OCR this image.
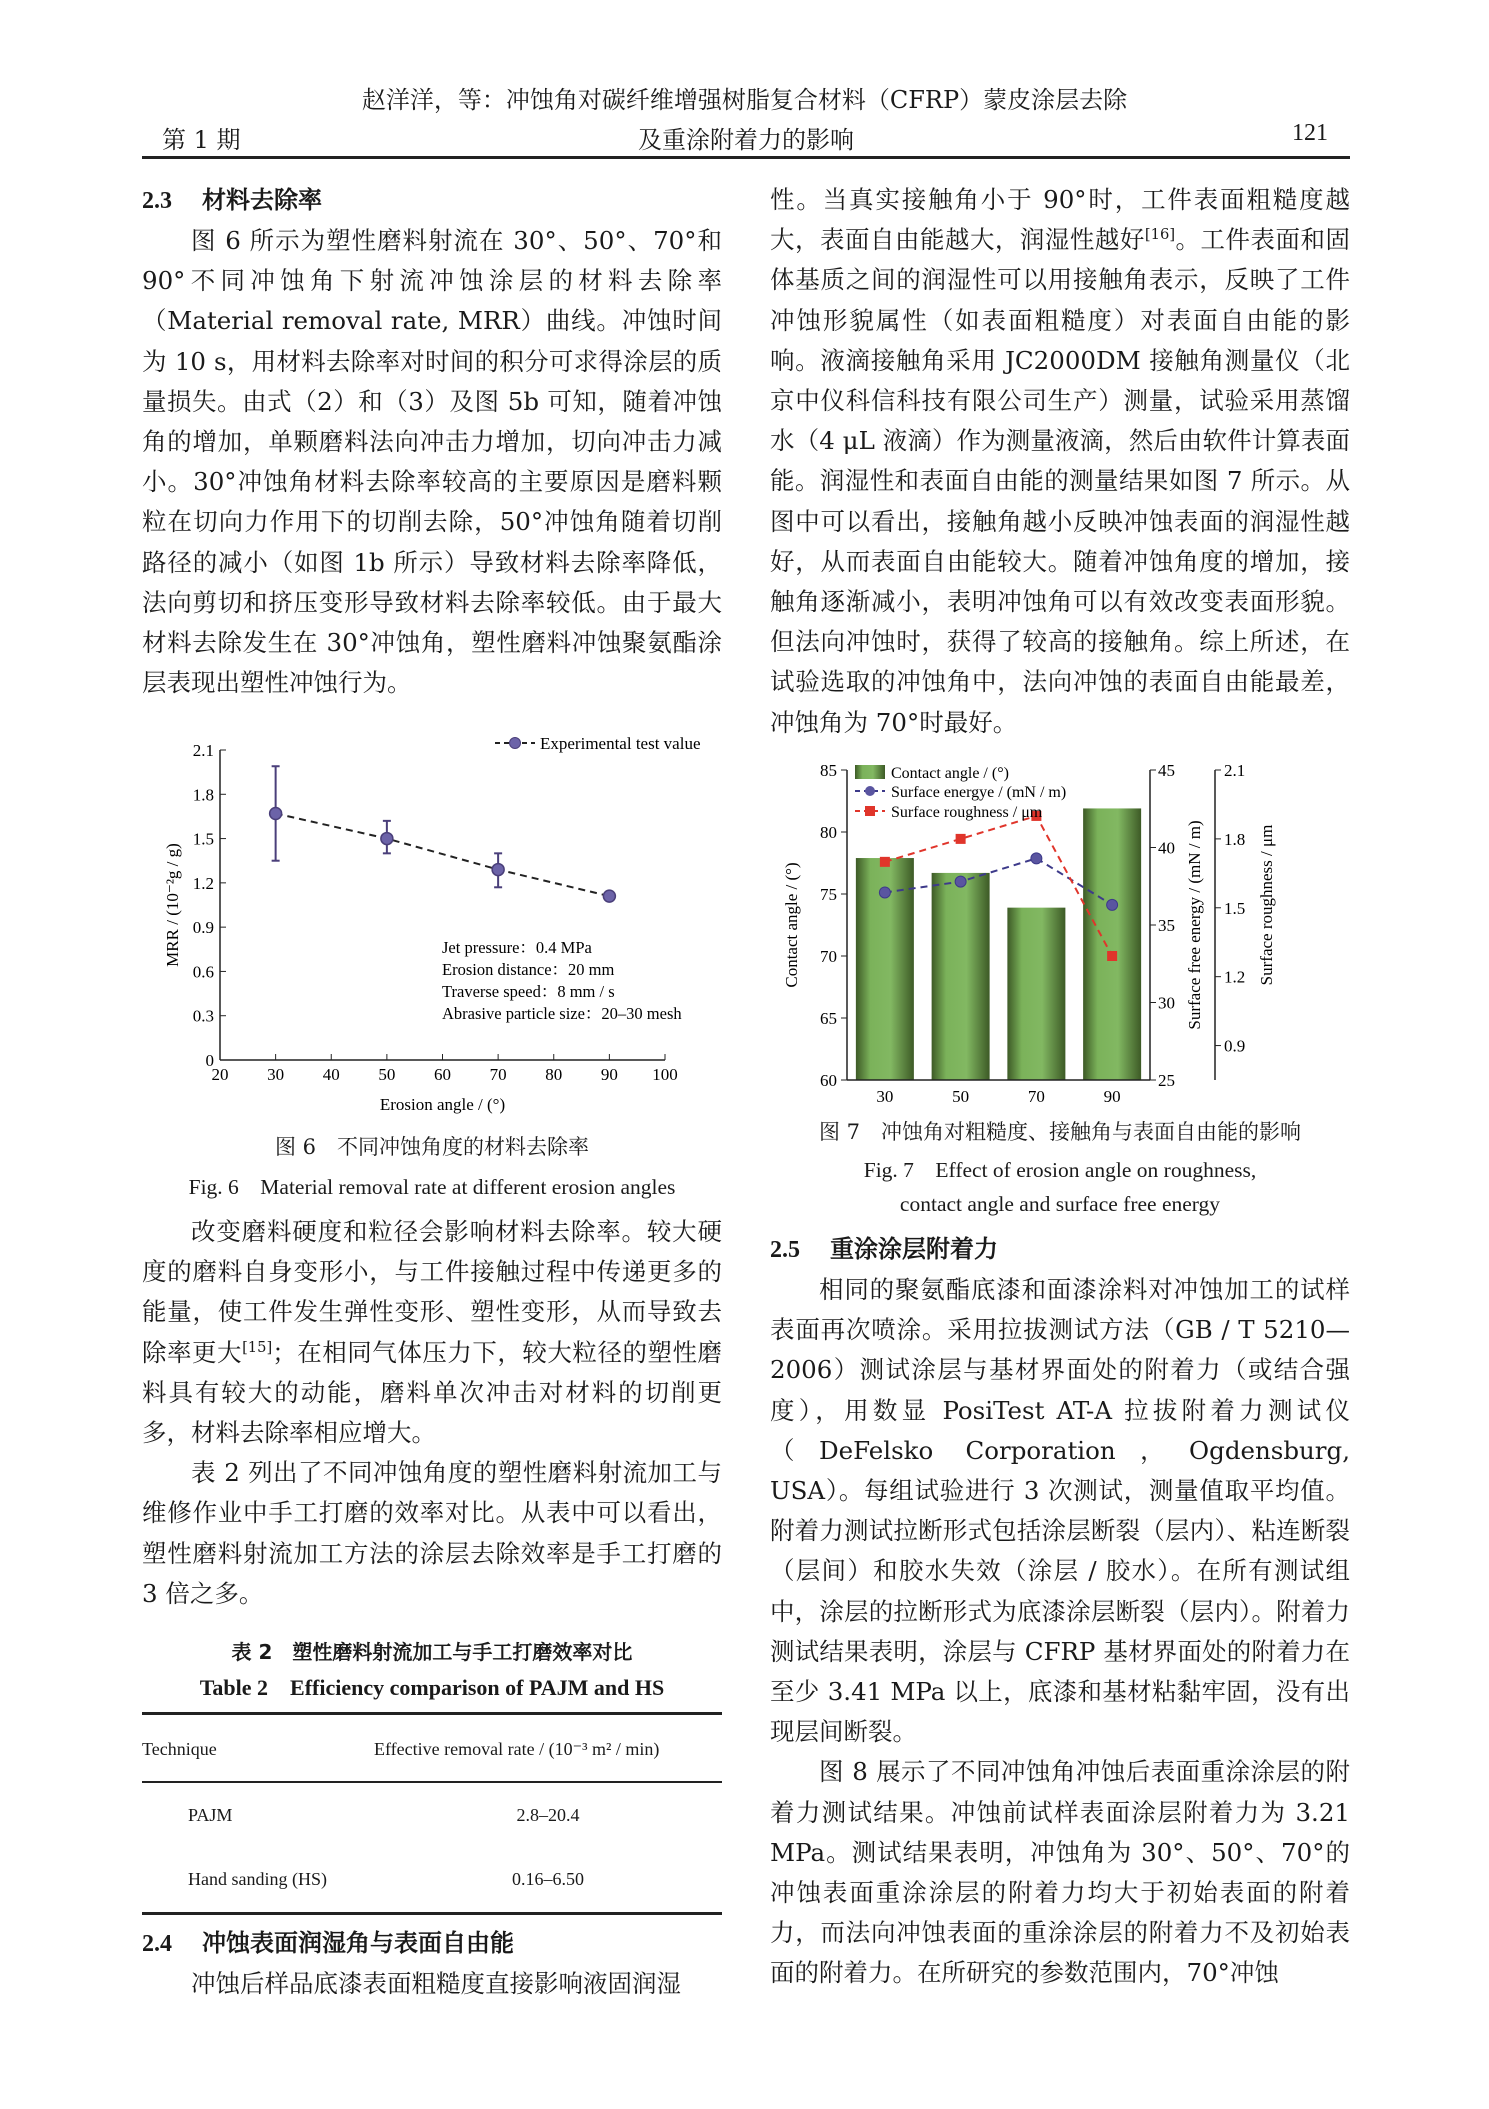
赵洋洋，等：冲蚀角对碳纤维增强树脂复合材料（CFRP）蒙皮涂层去除
第 1 期	及重涂附着力的影响	121
2.3 材料去除率

图 6 所示为塑性磨料射流在 30°、50°、70°和 90°不同冲蚀角下射流冲蚀涂层的材料去除率（Material removal rate, MRR）曲线。冲蚀时间为 10 s，用材料去除率对时间的积分可求得涂层的质量损失。由式（2）和（3）及图 5b 可知，随着冲蚀角的增加，单颗磨料法向冲击力增加，切向冲击力减小。30°冲蚀角材料去除率较高的主要原因是磨料颗粒在切向力作用下的切削去除，50°冲蚀角随着切削路径的减小（如图 1b 所示）导致材料去除率降低，法向剪切和挤压变形导致材料去除率较低。由于最大材料去除发生在 30°冲蚀角，塑性磨料冲蚀聚氨酯涂层表现出塑性冲蚀行为。

0
0.3
0.6
0.9
1.2
1.5
1.8
2.1
20 30 40 50 60 70 80 90 100
Erosion angle / (°)
MRR / (10⁻²g / g)
Experimental test value
Jet pressure：0.4 MPa
Erosion distance：20 mm
Traverse speed：8 mm / s
Abrasive particle size：20–30 mesh
图 6　不同冲蚀角度的材料去除率
Fig. 6　Material removal rate at different erosion angles

改变磨料硬度和粒径会影响材料去除率。较大硬度的磨料自身变形小，与工件接触过程中传递更多的能量，使工件发生弹性变形、塑性变形，从而导致去除率更大[15]；在相同气体压力下，较大粒径的塑性磨料具有较大的动能，磨料单次冲击对材料的切削更多，材料去除率相应增大。

表 2 列出了不同冲蚀角度的塑性磨料射流加工与维修作业中手工打磨的效率对比。从表中可以看出，塑性磨料射流加工方法的涂层去除效率是手工打磨的 3 倍之多。

表 2　塑性磨料射流加工与手工打磨效率对比
Table 2　Efficiency comparison of PAJM and HS
Technique	Effective removal rate / (10⁻³ m² / min)
PAJM	2.8–20.4
Hand sanding (HS)	0.16–6.50
2.4 冲蚀表面润湿角与表面自由能

冲蚀后样品底漆表面粗糙度直接影响液固润湿

性。当真实接触角小于 90°时，工件表面粗糙度越大，表面自由能越大，润湿性越好[16]。工件表面和固体基质之间的润湿性可以用接触角表示，反映了工件冲蚀形貌属性（如表面粗糙度）对表面自由能的影响。液滴接触角采用 JC2000DM 接触角测量仪（北京中仪科信科技有限公司生产）测量，试验采用蒸馏水（4 μL 液滴）作为测量液滴，然后由软件计算表面能。润湿性和表面自由能的测量结果如图 7 所示。从图中可以看出，接触角越小反映冲蚀表面的润湿性越好，从而表面自由能较大。随着冲蚀角度的增加，接触角逐渐减小，表明冲蚀角可以有效改变表面形貌。但法向冲蚀时，获得了较高的接触角。综上所述，在试验选取的冲蚀角中，法向冲蚀的表面自由能最差，冲蚀角为 70°时最好。

60
65
70
75
80
85
25
30
35
40
45
0.9
1.2
1.5
1.8
2.1
30	50	70	90
Contact angle / (°)	Surface free energy / (mN / m)	Surface roughness / μm
Contact angle / (°)
Surface energye / (mN / m)
Surface roughness / μm
图 7　冲蚀角对粗糙度、接触角与表面自由能的影响
Fig. 7　Effect of erosion angle on roughness,
contact angle and surface free energy
2.5 重涂涂层附着力

相同的聚氨酯底漆和面漆涂料对冲蚀加工的试样表面再次喷涂。采用拉拔测试方法（GB / T 5210—2006）测试涂层与基材界面处的附着力（或结合强度），用数显 PosiTest AT-A 拉拔附着力测试仪（DeFelsko Corporation，Ogdensburg, USA）。每组试验进行 3 次测试，测量值取平均值。附着力测试拉断形式包括涂层断裂（层内）、粘连断裂（层间）和胶水失效（涂层 / 胶水）。在所有测试组中，涂层的拉断形式为底漆涂层断裂（层内）。附着力测试结果表明，涂层与 CFRP 基材界面处的附着力在至少 3.41 MPa 以上，底漆和基材粘黏牢固，没有出现层间断裂。

图 8 展示了不同冲蚀角冲蚀后表面重涂涂层的附着力测试结果。冲蚀前试样表面涂层附着力为 3.21 MPa。测试结果表明，冲蚀角为 30°、50°、70°的冲蚀表面重涂涂层的附着力均大于初始表面的附着力，而法向冲蚀表面的重涂涂层的附着力不及初始表面的附着力。在所研究的参数范围内，70°冲蚀
